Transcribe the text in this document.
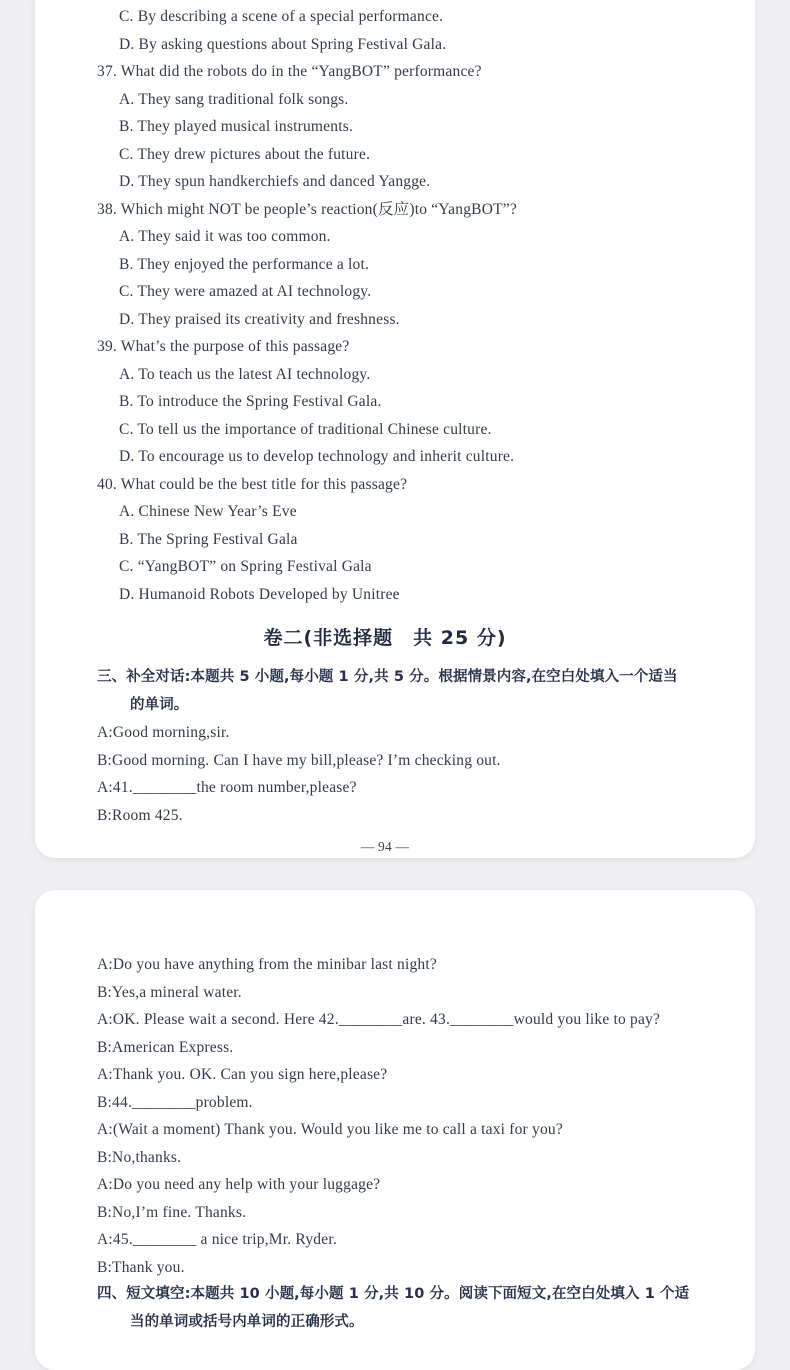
C. By describing a scene of a special performance.
D. By asking questions about Spring Festival Gala.
37. What did the robots do in the “YangBOT” performance?
A. They sang traditional folk songs.
B. They played musical instruments.
C. They drew pictures about the future.
D. They spun handkerchiefs and danced Yangge.
38. Which might NOT be people’s reaction(反应)to “YangBOT”?
A. They said it was too common.
B. They enjoyed the performance a lot.
C. They were amazed at AI technology.
D. They praised its creativity and freshness.
39. What’s the purpose of this passage?
A. To teach us the latest AI technology.
B. To introduce the Spring Festival Gala.
C. To tell us the importance of traditional Chinese culture.
D. To encourage us to develop technology and inherit culture.
40. What could be the best title for this passage?
A. Chinese New Year’s Eve
B. The Spring Festival Gala
C. “YangBOT” on Spring Festival Gala
D. Humanoid Robots Developed by Unitree
卷二(非选择题　共 25 分)
三、补全对话:本题共 5 小题,每小题 1 分,共 5 分。根据情景内容,在空白处填入一个适当
的单词。
A:Good morning,sir.
B:Good morning. Can I have my bill,please? I’m checking out.
A:41.________the room number,please?
B:Room 425.
— 94 —
A:Do you have anything from the minibar last night?
B:Yes,a mineral water.
A:OK. Please wait a second. Here 42.________are. 43.________would you like to pay?
B:American Express.
A:Thank you. OK. Can you sign here,please?
B:44.________problem.
A:(Wait a moment) Thank you. Would you like me to call a taxi for you?
B:No,thanks.
A:Do you need any help with your luggage?
B:No,I’m fine. Thanks.
A:45.________ a nice trip,Mr. Ryder.
B:Thank you.
四、短文填空:本题共 10 小题,每小题 1 分,共 10 分。阅读下面短文,在空白处填入 1 个适
当的单词或括号内单词的正确形式。
